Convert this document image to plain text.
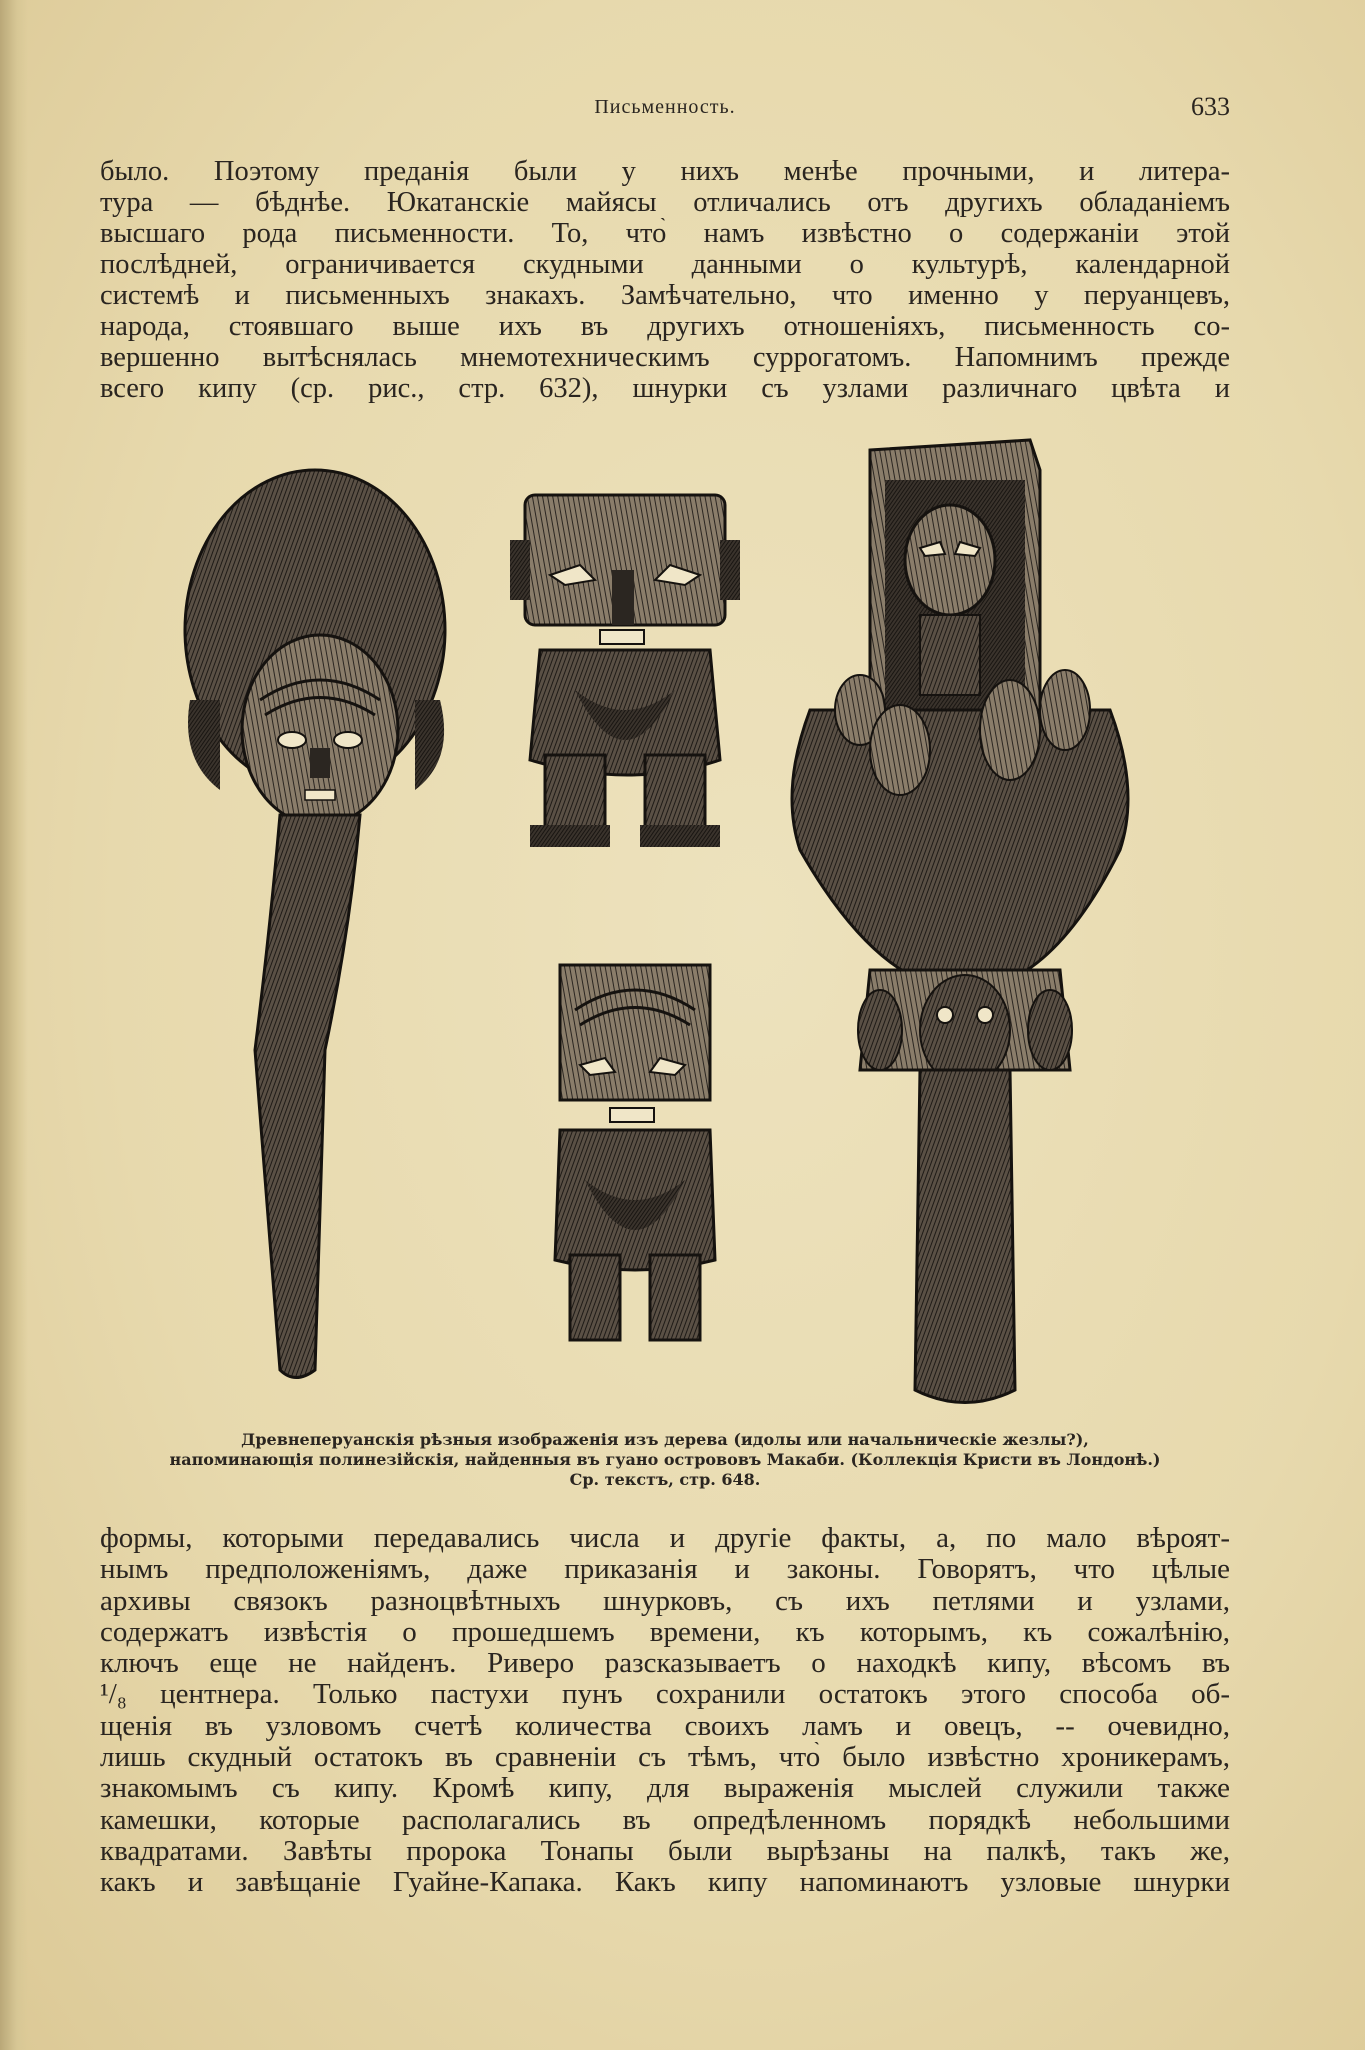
Письменность.	633
было. Поэтому преданія были у нихъ менѣе прочными, и литера-
тура — бѣднѣе. Юкатанскіе майясы отличались отъ другихъ обладаніемъ
высшаго рода письменности. То, что̀ намъ извѣстно о содержаніи этой
послѣдней, ограничивается скудными данными о культурѣ, календарной
системѣ и письменныхъ знакахъ. Замѣчательно, что именно у перуанцевъ,
народа, стоявшаго выше ихъ въ другихъ отношеніяхъ, письменность со-
вершенно вытѣснялась мнемотехническимъ суррогатомъ. Напомнимъ прежде
всего кипу (ср. рис., стр. 632), шнурки съ узлами различнаго цвѣта и
Древнеперуанскія рѣзныя изображенія изъ дерева (идолы или начальническіе жезлы?),
напоминающія полинезійскія, найденныя въ гуано острововъ Макаби. (Коллекція Кристи въ Лондонѣ.)
Ср. текстъ, стр. 648.
формы, которыми передавались числа и другіе факты, а, по мало вѣроят-
нымъ предположеніямъ, даже приказанія и законы. Говорятъ, что цѣлые
архивы связокъ разноцвѣтныхъ шнурковъ, съ ихъ петлями и узлами,
содержатъ извѣстія о прошедшемъ времени, къ которымъ, къ сожалѣнію,
ключъ еще не найденъ. Риверо разсказываетъ о находкѣ кипу, вѣсомъ въ
¹/₈ центнера. Только пастухи пунъ сохранили остатокъ этого способа об-
щенія въ узловомъ счетѣ количества своихъ ламъ и овецъ, -- очевидно,
лишь скудный остатокъ въ сравненіи съ тѣмъ, что̀ было извѣстно хроникерамъ,
знакомымъ съ кипу. Кромѣ кипу, для выраженія мыслей служили также
камешки, которые располагались въ опредѣленномъ порядкѣ небольшими
квадратами. Завѣты пророка Тонапы были вырѣзаны на палкѣ, такъ же,
какъ и завѣщаніе Гуайне-Капака. Какъ кипу напоминаютъ узловые шнурки
